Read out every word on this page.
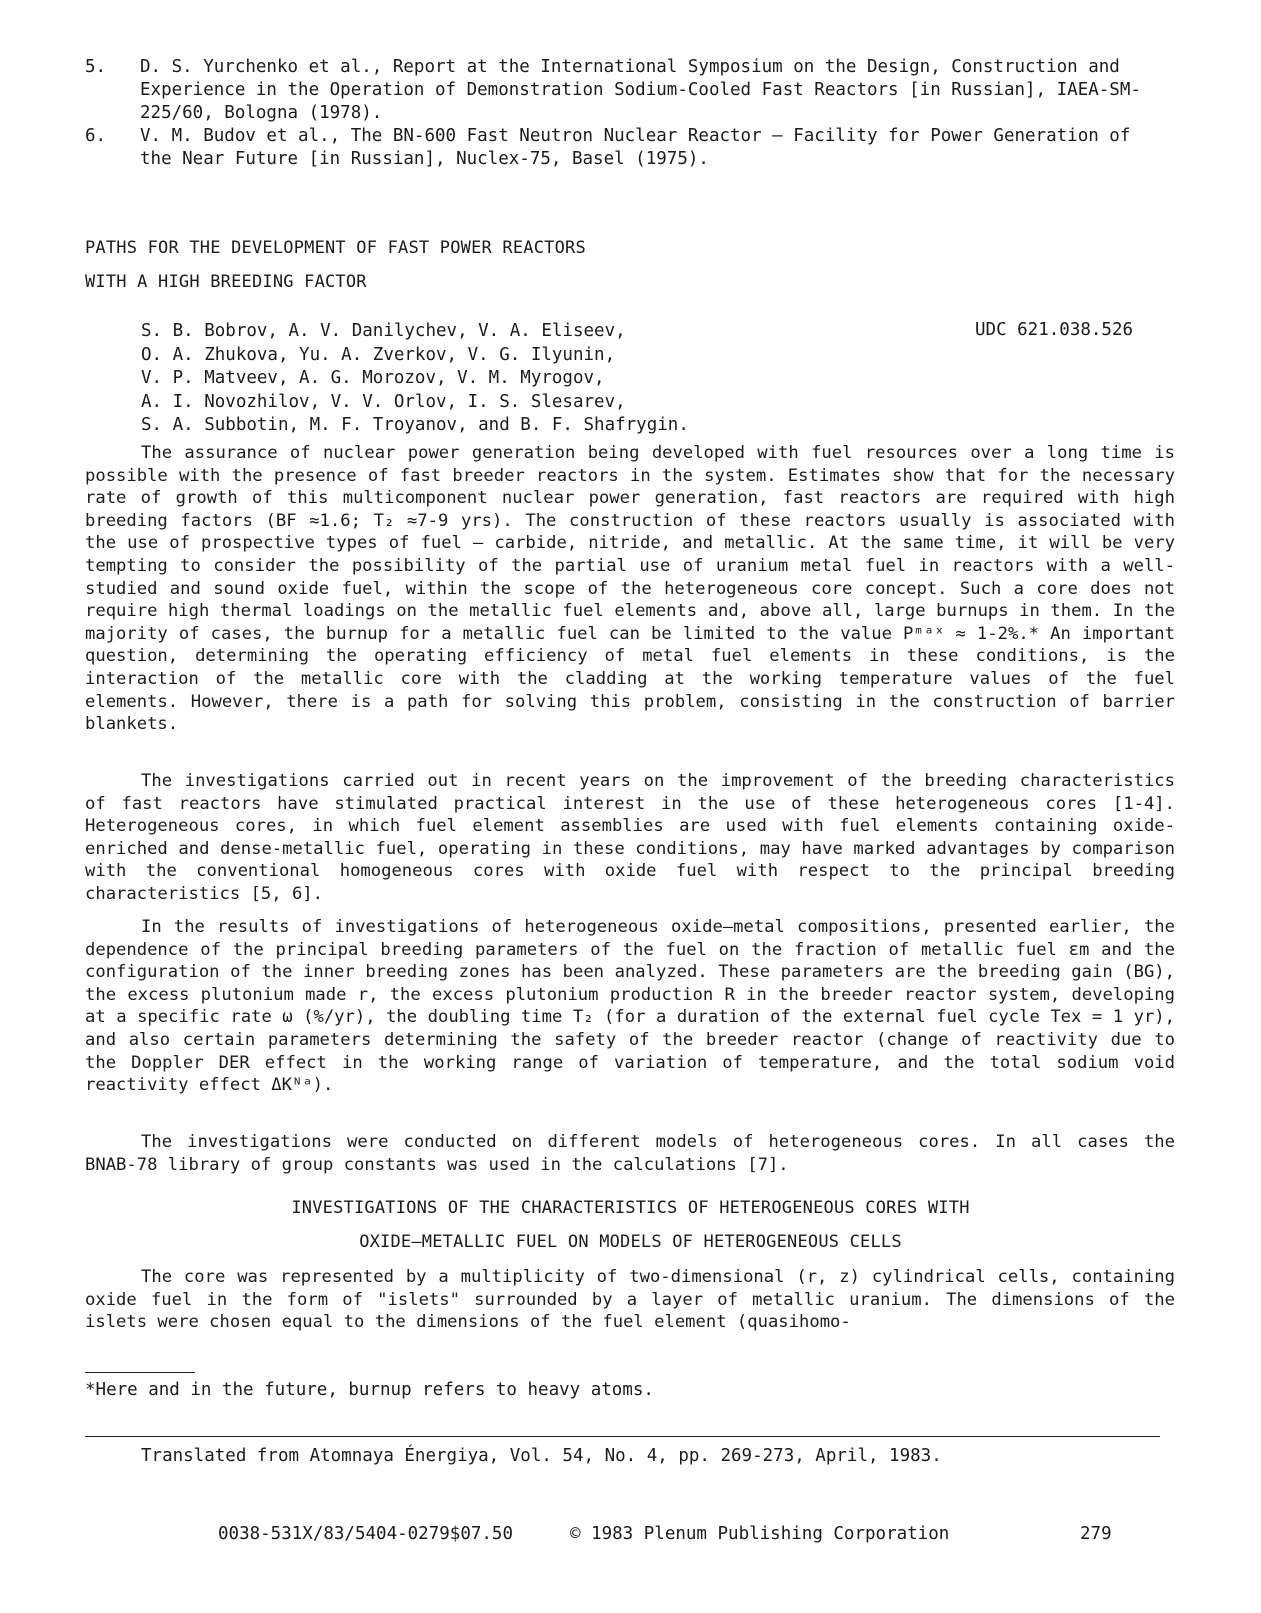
5. D. S. Yurchenko et al., Report at the International Symposium on the Design, Construction and Experience in the Operation of Demonstration Sodium-Cooled Fast Reactors [in Russian], IAEA-SM-225/60, Bologna (1978).
6. V. M. Budov et al., The BN-600 Fast Neutron Nuclear Reactor — Facility for Power Generation of the Near Future [in Russian], Nuclex-75, Basel (1975).
PATHS FOR THE DEVELOPMENT OF FAST POWER REACTORS
WITH A HIGH BREEDING FACTOR
S. B. Bobrov, A. V. Danilychev, V. A. Eliseev,
O. A. Zhukova, Yu. A. Zverkov, V. G. Ilyunin,
V. P. Matveev, A. G. Morozov, V. M. Myrogov,
A. I. Novozhilov, V. V. Orlov, I. S. Slesarev,
S. A. Subbotin, M. F. Troyanov, and B. F. Shafrygin.
UDC 621.038.526
The assurance of nuclear power generation being developed with fuel resources over a long time is possible with the presence of fast breeder reactors in the system. Estimates show that for the necessary rate of growth of this multicomponent nuclear power generation, fast reactors are required with high breeding factors (BF ≈1.6; T₂ ≈7-9 yrs). The construction of these reactors usually is associated with the use of prospective types of fuel — carbide, nitride, and metallic. At the same time, it will be very tempting to consider the possibility of the partial use of uranium metal fuel in reactors with a well-studied and sound oxide fuel, within the scope of the heterogeneous core concept. Such a core does not require high thermal loadings on the metallic fuel elements and, above all, large burnups in them. In the majority of cases, the burnup for a metallic fuel can be limited to the value Pᵐᵃˣ ≈ 1-2%.* An important question, determining the operating efficiency of metal fuel elements in these conditions, is the interaction of the metallic core with the cladding at the working temperature values of the fuel elements. However, there is a path for solving this problem, consisting in the construction of barrier blankets.
The investigations carried out in recent years on the improvement of the breeding characteristics of fast reactors have stimulated practical interest in the use of these heterogeneous cores [1-4]. Heterogeneous cores, in which fuel element assemblies are used with fuel elements containing oxide-enriched and dense-metallic fuel, operating in these conditions, may have marked advantages by comparison with the conventional homogeneous cores with oxide fuel with respect to the principal breeding characteristics [5, 6].
In the results of investigations of heterogeneous oxide—metal compositions, presented earlier, the dependence of the principal breeding parameters of the fuel on the fraction of metallic fuel εm and the configuration of the inner breeding zones has been analyzed. These parameters are the breeding gain (BG), the excess plutonium made r, the excess plutonium production R in the breeder reactor system, developing at a specific rate ω (%/yr), the doubling time T₂ (for a duration of the external fuel cycle Tex = 1 yr), and also certain parameters determining the safety of the breeder reactor (change of reactivity due to the Doppler DER effect in the working range of variation of temperature, and the total sodium void reactivity effect ΔKᴺᵃ).
The investigations were conducted on different models of heterogeneous cores. In all cases the BNAB-78 library of group constants was used in the calculations [7].
INVESTIGATIONS OF THE CHARACTERISTICS OF HETEROGENEOUS CORES WITH
OXIDE—METALLIC FUEL ON MODELS OF HETEROGENEOUS CELLS
The core was represented by a multiplicity of two-dimensional (r, z) cylindrical cells, containing oxide fuel in the form of "islets" surrounded by a layer of metallic uranium. The dimensions of the islets were chosen equal to the dimensions of the fuel element (quasihomo-
*Here and in the future, burnup refers to heavy atoms.
Translated from Atomnaya Énergiya, Vol. 54, No. 4, pp. 269-273, April, 1983.
0038-531X/83/5404-0279$07.50	© 1983 Plenum Publishing Corporation	279
